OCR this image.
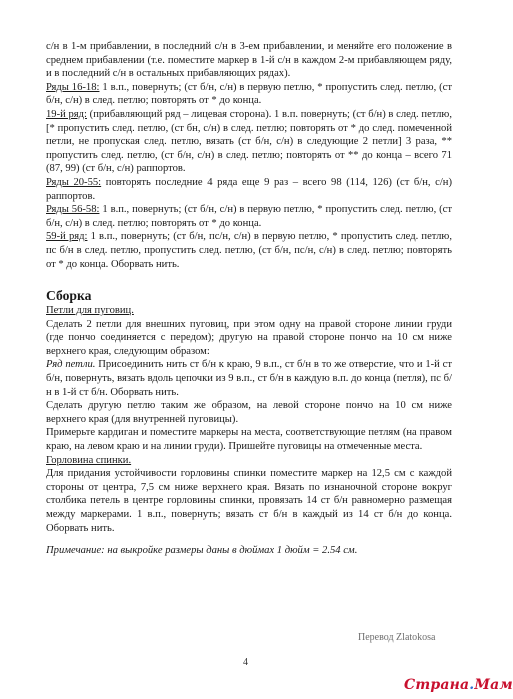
с/н в 1-м прибавлении, в последний с/н в 3-ем прибавлении, и меняйте его положение в среднем прибавлении (т.е. поместите маркер в 1-й с/н в каждом 2-м прибавляющем ряду, и в последний с/н в остальных прибавляющих рядах).

Ряды 16-18: 1 в.п., повернуть; (ст б/н, с/н) в первую петлю, * пропустить след. петлю, (ст б/н, с/н) в след. петлю; повторять от * до конца.

19-й ряд: (прибавляющий ряд – лицевая сторона). 1 в.п. повернуть; (ст б/н) в след. петлю, [* пропустить след. петлю, (ст бн, с/н) в след. петлю; повторять от * до след. помеченной петли, не пропуская след. петлю, вязать (ст б/н, с/н) в следующие 2 петли] 3 раза, ** пропустить след. петлю, (ст б/н, с/н) в след. петлю; повторять от ** до конца – всего 71 (87, 99) (ст б/н, с/н) раппортов.

Ряды 20-55: повторять последние 4 ряда еще 9 раз – всего 98 (114, 126) (ст б/н, с/н) раппортов.

Ряды 56-58: 1 в.п., повернуть; (ст б/н, с/н) в первую петлю, * пропустить след. петлю, (ст б/н, с/н) в след. петлю; повторять от * до конца.

59-й ряд: 1 в.п., повернуть; (ст б/н, пс/н, с/н) в первую петлю, * пропустить след. петлю, пс б/н в след. петлю, пропустить след. петлю, (ст б/н, пс/н, с/н) в след. петлю; повторять от * до конца. Оборвать нить.

Сборка

Петли для пуговиц.

Сделать 2 петли для внешних пуговиц, при этом одну на правой стороне линии груди (где пончо соединяется с передом); другую на правой стороне пончо на 10 см ниже верхнего края, следующим образом:

Ряд петли. Присоединить нить ст б/н к краю, 9 в.п., ст б/н в то же отверстие, что и 1-й ст б/н, повернуть, вязать вдоль цепочки из 9 в.п., ст б/н в каждую в.п. до конца (петля), пс б/н в 1-й ст б/н. Оборвать нить.

Сделать другую петлю таким же образом, на левой стороне пончо на 10 см ниже верхнего края (для внутренней пуговицы).

Примерьте кардиган и поместите маркеры на места, соответствующие петлям (на правом краю, на левом краю и на линии груди). Пришейте пуговицы на отмеченные места.

Горловина спинки.

Для придания устойчивости горловины спинки поместите маркер на 12,5 см с каждой стороны от центра, 7,5 см ниже верхнего края. Вязать по изнаночной стороне вокруг столбика петель в центре горловины спинки, провязать 14 ст б/н равномерно размещая между маркерами. 1 в.п., повернуть; вязать ст б/н в каждый из 14 ст б/н до конца. Оборвать нить.

Примечание: на выкройке размеры даны в дюймах 1 дюйм = 2.54 см.

Перевод Zlatokosa
4
Страна.Мам
